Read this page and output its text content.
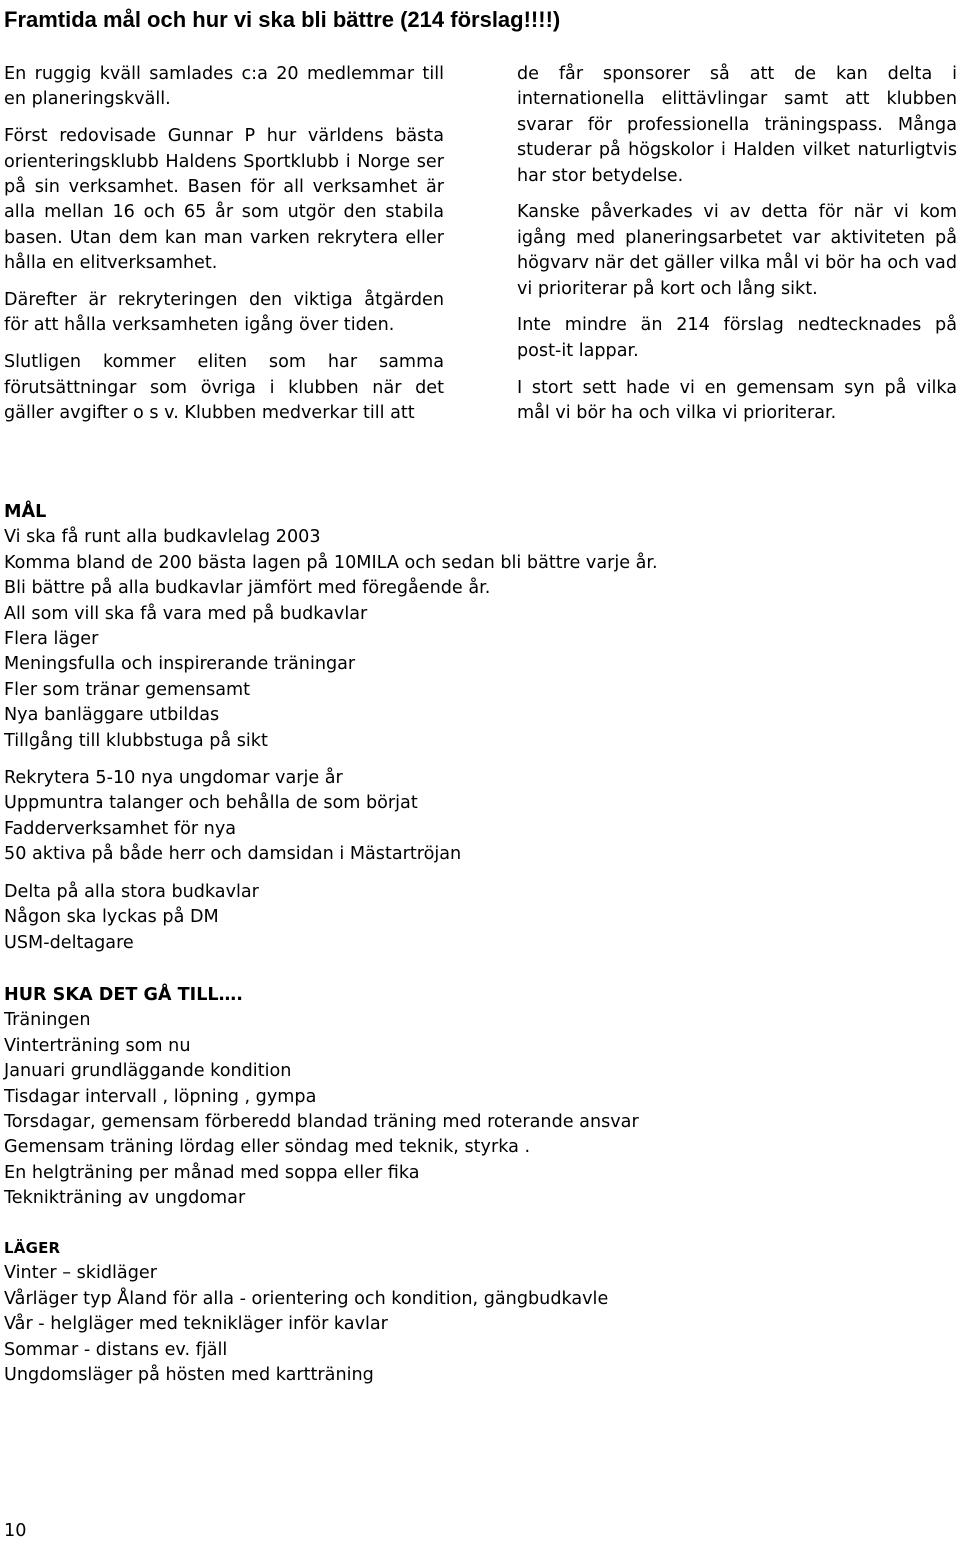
Framtida mål och hur vi ska bli bättre (214 förslag!!!!)

En ruggig kväll samlades c:a 20 medlemmar till en planeringskväll.

Först redovisade Gunnar P hur världens bästa orienteringsklubb Haldens Sportklubb i Norge ser på sin verksamhet. Basen för all verksamhet är alla mellan 16 och 65 år som utgör den stabila basen. Utan dem kan man varken rekrytera eller hålla en elitverksamhet.

Därefter är rekryteringen den viktiga åtgärden för att hålla verksamheten igång över tiden.

Slutligen kommer eliten som har samma förutsättningar som övriga i klubben när det gäller avgifter o s v. Klubben medverkar till att

de får sponsorer så att de kan delta i internationella elittävlingar samt att klubben svarar för professionella träningspass. Många studerar på högskolor i Halden vilket naturligtvis har stor betydelse.

Kanske påverkades vi av detta för när vi kom igång med planeringsarbetet var aktiviteten på högvarv när det gäller vilka mål vi bör ha och vad vi prioriterar på kort och lång sikt.

Inte mindre än 214 förslag nedtecknades på post-it lappar.

I stort sett hade vi en gemensam syn på vilka mål vi bör ha och vilka vi prioriterar.

MÅL
Vi ska få runt alla budkavlelag 2003
Komma bland de 200 bästa lagen på 10MILA och sedan bli bättre varje år.
Bli bättre på alla budkavlar jämfört med föregående år.
All som vill ska få vara med på budkavlar
Flera läger
Meningsfulla och inspirerande träningar
Fler som tränar gemensamt
Nya banläggare utbildas
Tillgång till klubbstuga på sikt
Rekrytera 5-10 nya ungdomar varje år
Uppmuntra talanger och behålla de som börjat
Fadderverksamhet för nya
50 aktiva på både herr och damsidan i Mästartröjan
Delta på alla stora budkavlar
Någon ska lyckas på DM
USM-deltagare
HUR SKA DET GÅ TILL….
Träningen
Vinterträning som nu
Januari grundläggande kondition
Tisdagar intervall , löpning , gympa
Torsdagar, gemensam förberedd blandad träning med roterande ansvar
Gemensam träning lördag eller söndag med teknik, styrka .
En helgträning per månad med soppa eller fika
Teknikträning av ungdomar
LÄGER
Vinter – skidläger
Vårläger typ Åland för alla - orientering och kondition, gängbudkavle
Vår - helgläger med teknikläger inför kavlar
Sommar - distans ev. fjäll
Ungdomsläger på hösten med kartträning
10
